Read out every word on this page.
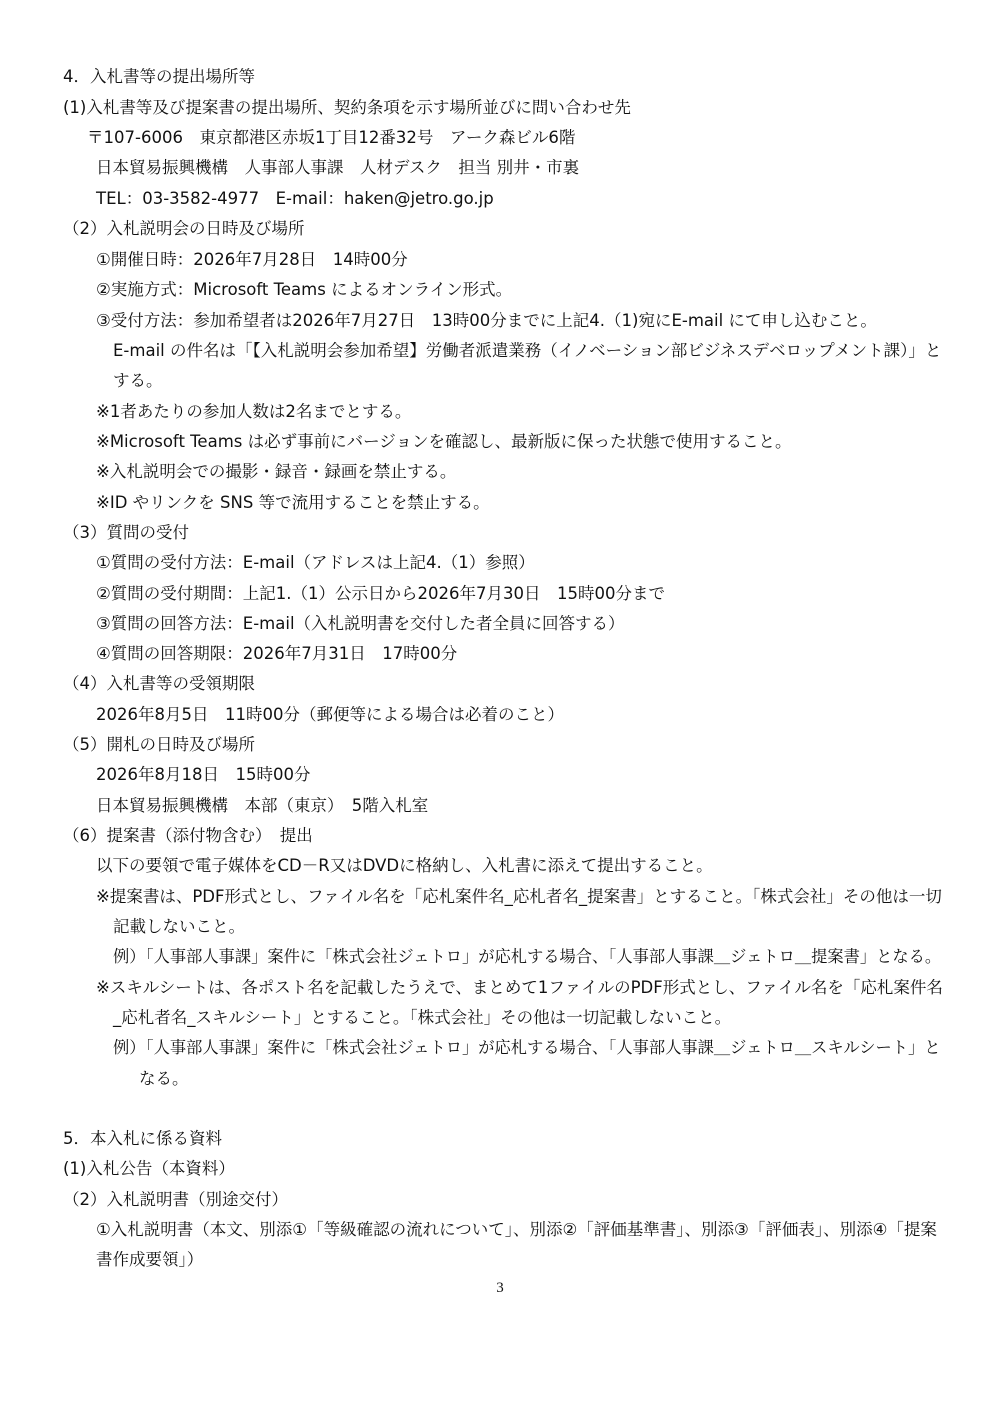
4．入札書等の提出場所等
(1)入札書等及び提案書の提出場所、契約条項を示す場所並びに問い合わせ先
〒107-6006　東京都港区赤坂1丁目12番32号　アーク森ビル6階
日本貿易振興機構　人事部人事課　人材デスク　担当 別井・市裏
TEL：03-3582-4977　E-mail：haken@jetro.go.jp
（2）入札説明会の日時及び場所
①開催日時：2026年7月28日　14時00分
②実施方式：Microsoft Teams によるオンライン形式。
③受付方法：参加希望者は2026年7月27日　13時00分までに上記4.（1)宛にE-mail にて申し込むこと。
E-mail の件名は「【入札説明会参加希望】労働者派遣業務（イノベーション部ビジネスデベロップメント課）」と
する。
※1者あたりの参加人数は2名までとする。
※Microsoft Teams は必ず事前にバージョンを確認し、最新版に保った状態で使用すること。
※入札説明会での撮影・録音・録画を禁止する。
※ID やリンクを SNS 等で流用することを禁止する。
（3）質問の受付
①質問の受付方法：E-mail（アドレスは上記4.（1）参照）
②質問の受付期間：上記1.（1）公示日から2026年7月30日　15時00分まで
③質問の回答方法：E-mail（入札説明書を交付した者全員に回答する）
④質問の回答期限：2026年7月31日　17時00分
（4）入札書等の受領期限
2026年8月5日　11時00分（郵便等による場合は必着のこと）
（5）開札の日時及び場所
2026年8月18日　15時00分
日本貿易振興機構　本部（東京）　5階入札室
（6）提案書（添付物含む）　提出
以下の要領で電子媒体をCD－R又はDVDに格納し、入札書に添えて提出すること。
※提案書は、PDF形式とし、ファイル名を「応札案件名_応札者名_提案書」とすること。「株式会社」その他は一切
記載しないこと。
例）「人事部人事課」案件に「株式会社ジェトロ」が応札する場合、「人事部人事課＿ジェトロ＿提案書」となる。
※スキルシートは、各ポスト名を記載したうえで、まとめて1ファイルのPDF形式とし、ファイル名を「応札案件名
_応札者名_スキルシート」とすること。「株式会社」その他は一切記載しないこと。
例）「人事部人事課」案件に「株式会社ジェトロ」が応札する場合、「人事部人事課＿ジェトロ＿スキルシート」と
なる。
5．本入札に係る資料
(1)入札公告（本資料）
（2）入札説明書（別途交付）
①入札説明書（本文、別添①「等級確認の流れについて」、別添②「評価基準書」、別添③「評価表」、別添④「提案
書作成要領」）
3
